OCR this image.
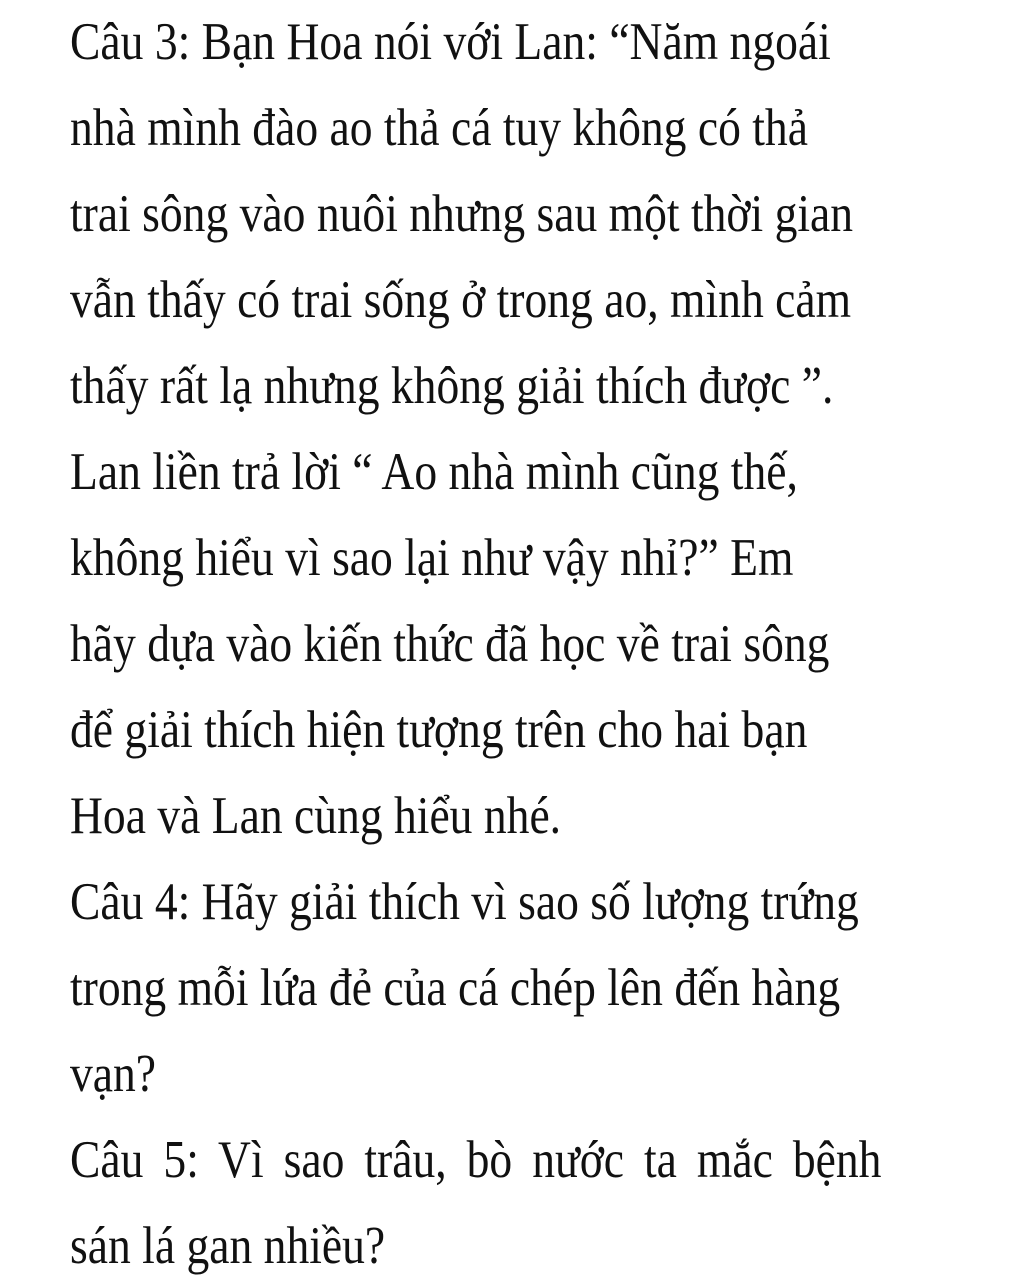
Câu 3: Bạn Hoa nói với Lan: “Năm ngoái
nhà mình đào ao thả cá tuy không có thả
trai sông vào nuôi nhưng sau một thời gian
vẫn thấy có trai sống ở trong ao, mình cảm
thấy rất lạ nhưng không giải thích được ”.
Lan liền trả lời “ Ao nhà mình cũng thế,
không hiểu vì sao lại như vậy nhỉ?” Em
hãy dựa vào kiến thức đã học về trai sông
để giải thích hiện tượng trên cho hai bạn
Hoa và Lan cùng hiểu nhé.
Câu 4: Hãy giải thích vì sao số lượng trứng
trong mỗi lứa đẻ của cá chép lên đến hàng
vạn?
Câu 5: Vì sao trâu, bò nước ta mắc bệnh
sán lá gan nhiều?
